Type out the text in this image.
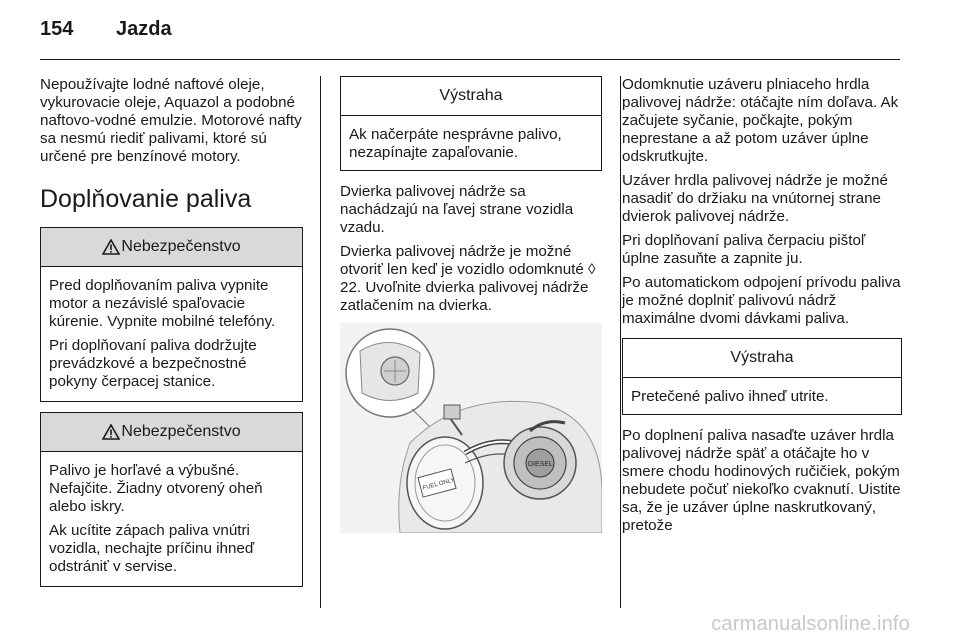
154 Jazda

Nepoužívajte lodné naftové oleje, vykurovacie oleje, Aquazol a podobné naftovo-vodné emulzie. Motorové nafty sa nesmú riediť palivami, ktoré sú určené pre benzínové motory.

Doplňovanie paliva
Nebezpečenstvo

Pred doplňovaním paliva vypnite motor a nezávislé spaľovacie kúrenie. Vypnite mobilné telefóny.

Pri doplňovaní paliva dodržujte prevádzkové a bezpečnostné pokyny čerpacej stanice.

Nebezpečenstvo

Palivo je horľavé a výbušné. Nefajčite. Žiadny otvorený oheň alebo iskry.

Ak ucítite zápach paliva vnútri vozidla, nechajte príčinu ihneď odstrániť v servise.

Výstraha
Ak načerpáte nesprávne palivo, nezapínajte zapaľovanie.

Dvierka palivovej nádrže sa nachádzajú na ľavej strane vozidla vzadu.

Dvierka palivovej nádrže je možné otvoriť len keď je vozidlo odomknuté ◊ 22. Uvoľnite dvierka palivovej nádrže zatlačením na dvierka.

FUEL ONLY
DIESEL

Odomknutie uzáveru plniaceho hrdla palivovej nádrže: otáčajte ním doľava. Ak začujete syčanie, počkajte, pokým neprestane a až potom uzáver úplne odskrutkujte.

Uzáver hrdla palivovej nádrže je možné nasadiť do držiaku na vnútornej strane dvierok palivovej nádrže.

Pri doplňovaní paliva čerpaciu pištoľ úplne zasuňte a zapnite ju.

Po automatickom odpojení prívodu paliva je možné doplniť palivovú nádrž maximálne dvomi dávkami paliva.

Výstraha
Pretečené palivo ihneď utrite.

Po doplnení paliva nasaďte uzáver hrdla palivovej nádrže späť a otáčajte ho v smere chodu hodinových ručičiek, pokým nebudete počuť niekoľko cvaknutí. Uistite sa, že je uzáver úplne naskrutkovaný, pretože

carmanualsonline.info
